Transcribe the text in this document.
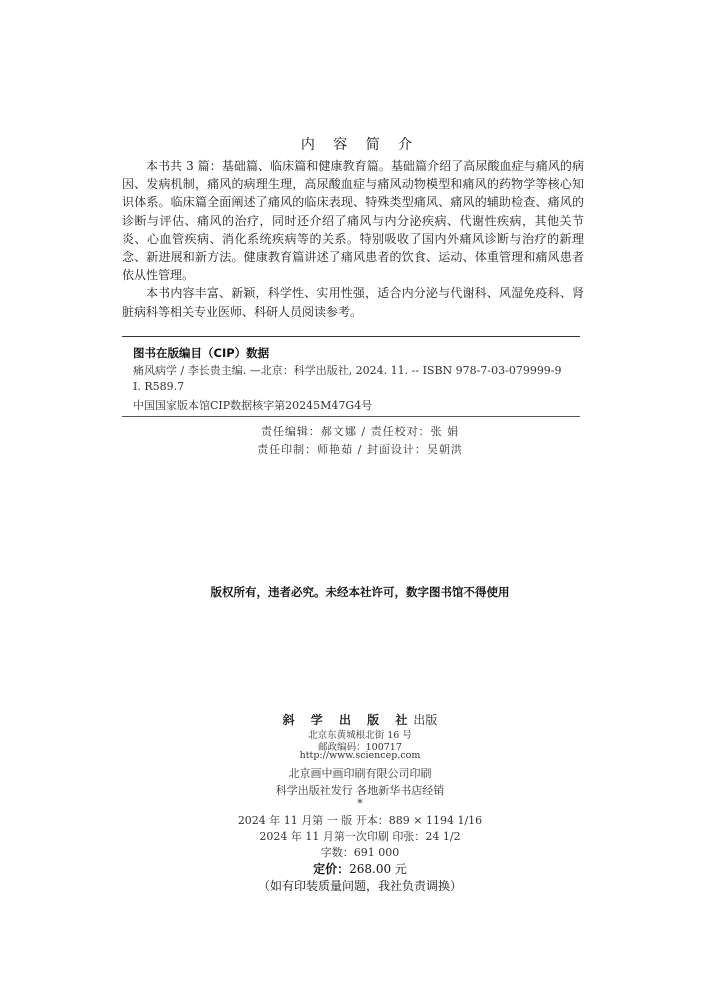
内 容 简 介

本书共 3 篇：基础篇、临床篇和健康教育篇。基础篇介绍了高尿酸血症与痛风的病因、发病机制，痛风的病理生理，高尿酸血症与痛风动物模型和痛风的药物学等核心知识体系。临床篇全面阐述了痛风的临床表现、特殊类型痛风、痛风的辅助检查、痛风的诊断与评估、痛风的治疗，同时还介绍了痛风与内分泌疾病、代谢性疾病，其他关节炎、心血管疾病、消化系统疾病等的关系。特别吸收了国内外痛风诊断与治疗的新理念、新进展和新方法。健康教育篇讲述了痛风患者的饮食、运动、体重管理和痛风患者依从性管理。

本书内容丰富、新颖，科学性、实用性强，适合内分泌与代谢科、风湿免疫科、肾脏病科等相关专业医师、科研人员阅读参考。

图书在版编目（CIP）数据
痛风病学 / 李长贵主编. —北京：科学出版社, 2024. 11. -- ISBN 978-7-03-079999-9
Ⅰ. R589.7
中国国家版本馆CIP数据核字第20245M47G4号
责任编辑：郝文娜 / 责任校对：张 娟
责任印制：师艳茹 / 封面设计：吴朝洪
版权所有，违者必究。未经本社许可，数字图书馆不得使用
斜 学 出 版 社出版
北京东黄城根北街 16 号
邮政编码：100717
http://www.sciencep.com
北京画中画印刷有限公司印刷
科学出版社发行 各地新华书店经销
*
2024 年 11 月第 一 版 开本：889 × 1194 1/16
2024 年 11 月第一次印刷 印张：24 1/2
字数：691 000
定价：268.00 元
（如有印装质量问题，我社负责调换）
